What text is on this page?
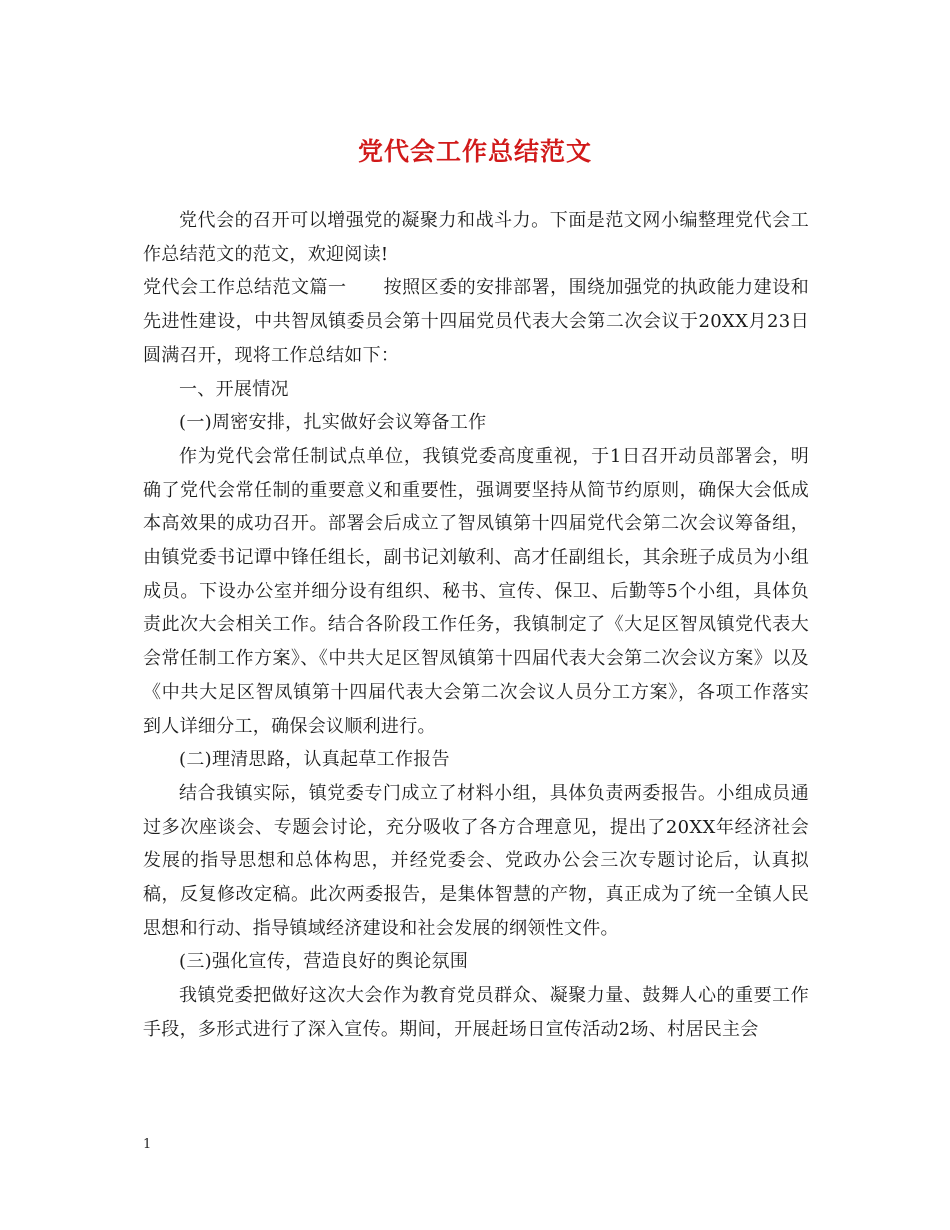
党代会工作总结范文

党代会的召开可以增强党的凝聚力和战斗力。下面是范文网小编整理党代会工作总结范文的范文，欢迎阅读!

党代会工作总结范文篇一　　按照区委的安排部署，围绕加强党的执政能力建设和先进性建设，中共智凤镇委员会第十四届党员代表大会第二次会议于20XX月23日圆满召开，现将工作总结如下：

一、开展情况

(一)周密安排，扎实做好会议筹备工作

作为党代会常任制试点单位，我镇党委高度重视，于1日召开动员部署会，明确了党代会常任制的重要意义和重要性，强调要坚持从简节约原则，确保大会低成本高效果的成功召开。部署会后成立了智凤镇第十四届党代会第二次会议筹备组，由镇党委书记谭中锋任组长，副书记刘敏利、高才任副组长，其余班子成员为小组成员。下设办公室并细分设有组织、秘书、宣传、保卫、后勤等5个小组，具体负责此次大会相关工作。结合各阶段工作任务，我镇制定了《大足区智凤镇党代表大会常任制工作方案》、《中共大足区智凤镇第十四届代表大会第二次会议方案》以及《中共大足区智凤镇第十四届代表大会第二次会议人员分工方案》，各项工作落实到人详细分工，确保会议顺利进行。

(二)理清思路，认真起草工作报告

结合我镇实际，镇党委专门成立了材料小组，具体负责两委报告。小组成员通过多次座谈会、专题会讨论，充分吸收了各方合理意见，提出了20XX年经济社会发展的指导思想和总体构思，并经党委会、党政办公会三次专题讨论后，认真拟稿，反复修改定稿。此次两委报告，是集体智慧的产物，真正成为了统一全镇人民思想和行动、指导镇域经济建设和社会发展的纲领性文件。

(三)强化宣传，营造良好的舆论氛围

我镇党委把做好这次大会作为教育党员群众、凝聚力量、鼓舞人心的重要工作手段，多形式进行了深入宣传。期间，开展赶场日宣传活动2场、村居民主会

1
